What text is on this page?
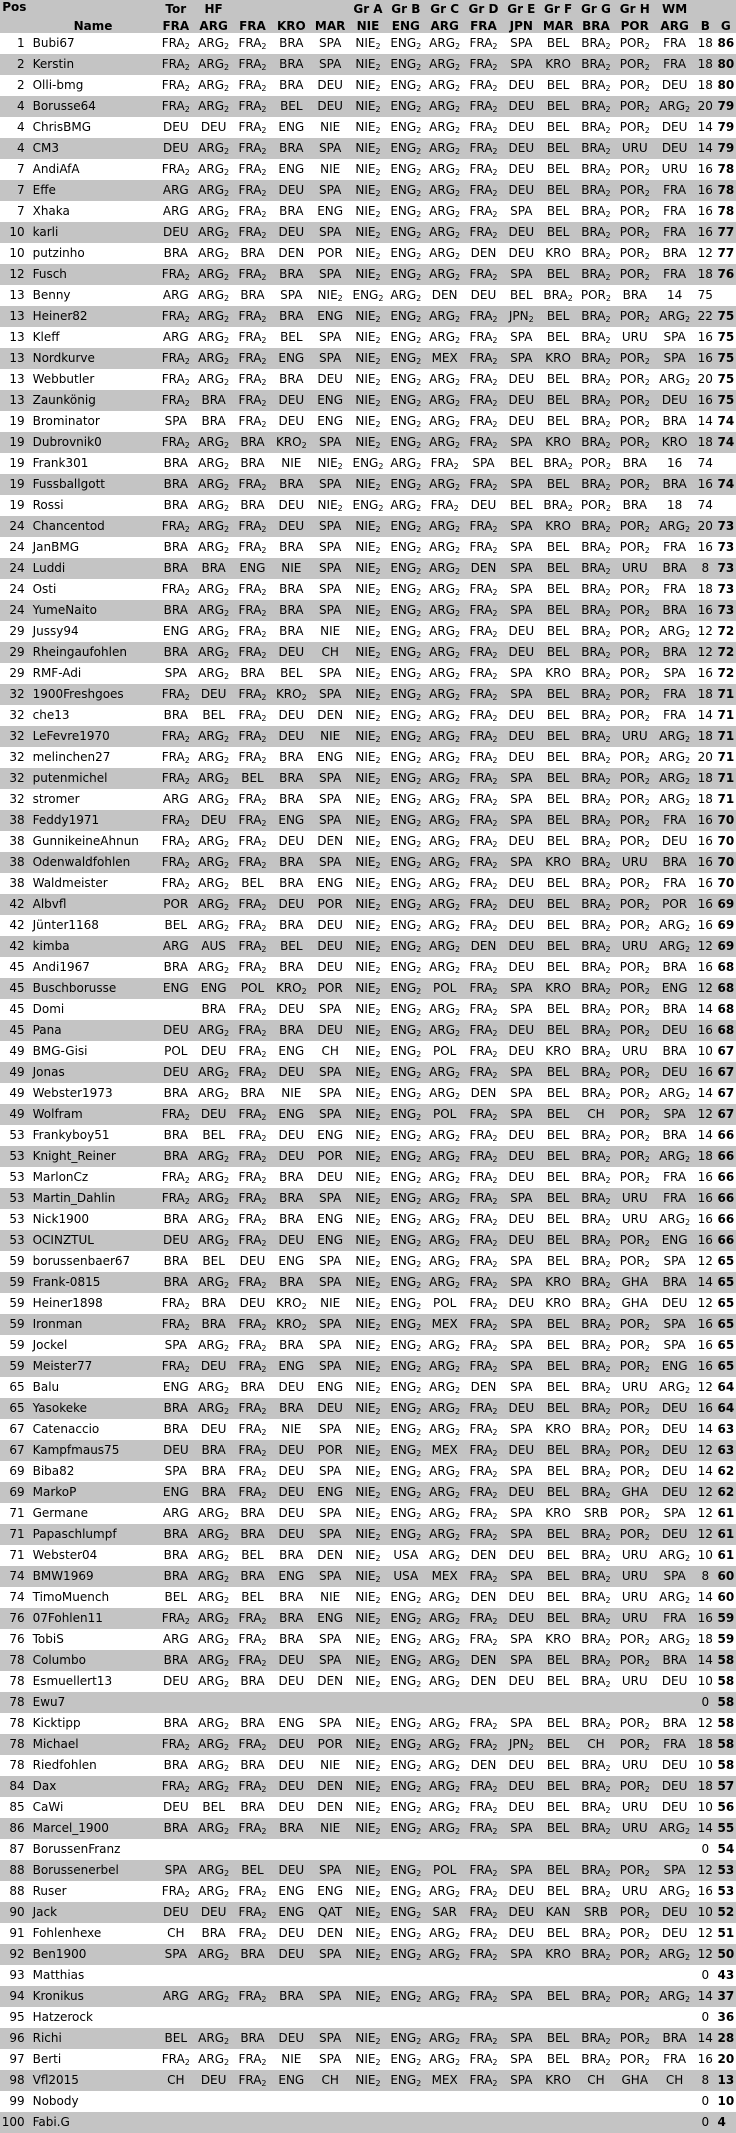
Pos		Tor	HF				Gr A	Gr B	Gr C	Gr D	Gr E	Gr F	Gr G	Gr H	WM		
	Name	FRA	ARG	FRA	KRO	MAR	NIE	ENG	ARG	FRA	JPN	MAR	BRA	POR	ARG	B	G
1	Bubi67	$FRA_2$	$ARG_2$	$FRA_2$	BRA	SPA	$NIE_2$	$ENG_2$	$ARG_2$	$FRA_2$	SPA	BEL	$BRA_2$	$POR_2$	FRA	18	86
2	Kerstin	$FRA_2$	$ARG_2$	$FRA_2$	BRA	SPA	$NIE_2$	$ENG_2$	$ARG_2$	$FRA_2$	SPA	KRO	$BRA_2$	$POR_2$	FRA	18	80
2	Olli-bmg	$FRA_2$	$ARG_2$	$FRA_2$	BRA	DEU	$NIE_2$	$ENG_2$	$ARG_2$	$FRA_2$	DEU	BEL	$BRA_2$	$POR_2$	DEU	18	80
4	Borusse64	$FRA_2$	$ARG_2$	$FRA_2$	BEL	DEU	$NIE_2$	$ENG_2$	$ARG_2$	$FRA_2$	DEU	BEL	$BRA_2$	$POR_2$	$ARG_2$	20	79
4	ChrisBMG	DEU	DEU	$FRA_2$	ENG	NIE	$NIE_2$	$ENG_2$	$ARG_2$	$FRA_2$	DEU	BEL	$BRA_2$	$POR_2$	DEU	14	79
4	CM3	DEU	$ARG_2$	$FRA_2$	BRA	SPA	$NIE_2$	$ENG_2$	$ARG_2$	$FRA_2$	DEU	BEL	$BRA_2$	URU	DEU	14	79
7	AndiAfA	$FRA_2$	$ARG_2$	$FRA_2$	ENG	NIE	$NIE_2$	$ENG_2$	$ARG_2$	$FRA_2$	DEU	BEL	$BRA_2$	$POR_2$	URU	16	78
7	Effe	ARG	$ARG_2$	$FRA_2$	DEU	SPA	$NIE_2$	$ENG_2$	$ARG_2$	$FRA_2$	DEU	BEL	$BRA_2$	$POR_2$	FRA	16	78
7	Xhaka	ARG	$ARG_2$	$FRA_2$	BRA	ENG	$NIE_2$	$ENG_2$	$ARG_2$	$FRA_2$	SPA	BEL	$BRA_2$	$POR_2$	FRA	16	78
10	karli	DEU	$ARG_2$	$FRA_2$	DEU	SPA	$NIE_2$	$ENG_2$	$ARG_2$	$FRA_2$	DEU	BEL	$BRA_2$	$POR_2$	FRA	16	77
10	putzinho	BRA	$ARG_2$	BRA	DEN	POR	$NIE_2$	$ENG_2$	$ARG_2$	DEN	DEU	KRO	$BRA_2$	$POR_2$	BRA	12	77
12	Fusch	$FRA_2$	$ARG_2$	$FRA_2$	BRA	SPA	$NIE_2$	$ENG_2$	$ARG_2$	$FRA_2$	SPA	BEL	$BRA_2$	$POR_2$	FRA	18	76
13	Benny	ARG	$ARG_2$	BRA	SPA	$NIE_2$	$ENG_2$	$ARG_2$	DEN	DEU	BEL	$BRA_2$	$POR_2$	BRA	14	75	
13	Heiner82	$FRA_2$	$ARG_2$	$FRA_2$	BRA	ENG	$NIE_2$	$ENG_2$	$ARG_2$	$FRA_2$	$JPN_2$	BEL	$BRA_2$	$POR_2$	$ARG_2$	22	75
13	Kleff	ARG	$ARG_2$	$FRA_2$	BEL	SPA	$NIE_2$	$ENG_2$	$ARG_2$	$FRA_2$	SPA	BEL	$BRA_2$	URU	SPA	16	75
13	Nordkurve	$FRA_2$	$ARG_2$	$FRA_2$	ENG	SPA	$NIE_2$	$ENG_2$	MEX	$FRA_2$	SPA	KRO	$BRA_2$	$POR_2$	SPA	16	75
13	Webbutler	$FRA_2$	$ARG_2$	$FRA_2$	BRA	DEU	$NIE_2$	$ENG_2$	$ARG_2$	$FRA_2$	DEU	BEL	$BRA_2$	$POR_2$	$ARG_2$	20	75
13	Zaunkönig	$FRA_2$	BRA	$FRA_2$	DEU	ENG	$NIE_2$	$ENG_2$	$ARG_2$	$FRA_2$	DEU	BEL	$BRA_2$	$POR_2$	DEU	16	75
19	Brominator	SPA	BRA	$FRA_2$	DEU	ENG	$NIE_2$	$ENG_2$	$ARG_2$	$FRA_2$	DEU	BEL	$BRA_2$	$POR_2$	BRA	14	74
19	Dubrovnik0	$FRA_2$	$ARG_2$	BRA	$KRO_2$	SPA	$NIE_2$	$ENG_2$	$ARG_2$	$FRA_2$	SPA	KRO	$BRA_2$	$POR_2$	KRO	18	74
19	Frank301	BRA	$ARG_2$	BRA	NIE	$NIE_2$	$ENG_2$	$ARG_2$	$FRA_2$	SPA	BEL	$BRA_2$	$POR_2$	BRA	16	74	
19	Fussballgott	BRA	$ARG_2$	$FRA_2$	BRA	SPA	$NIE_2$	$ENG_2$	$ARG_2$	$FRA_2$	SPA	BEL	$BRA_2$	$POR_2$	BRA	16	74
19	Rossi	BRA	$ARG_2$	BRA	DEU	$NIE_2$	$ENG_2$	$ARG_2$	$FRA_2$	DEU	BEL	$BRA_2$	$POR_2$	BRA	18	74	
24	Chancentod	$FRA_2$	$ARG_2$	$FRA_2$	DEU	SPA	$NIE_2$	$ENG_2$	$ARG_2$	$FRA_2$	SPA	KRO	$BRA_2$	$POR_2$	$ARG_2$	20	73
24	JanBMG	BRA	$ARG_2$	$FRA_2$	BRA	SPA	$NIE_2$	$ENG_2$	$ARG_2$	$FRA_2$	SPA	BEL	$BRA_2$	$POR_2$	FRA	16	73
24	Luddi	BRA	BRA	ENG	NIE	SPA	$NIE_2$	$ENG_2$	$ARG_2$	DEN	SPA	BEL	$BRA_2$	URU	BRA	8	73
24	Osti	$FRA_2$	$ARG_2$	$FRA_2$	BRA	SPA	$NIE_2$	$ENG_2$	$ARG_2$	$FRA_2$	SPA	BEL	$BRA_2$	$POR_2$	FRA	18	73
24	YumeNaito	BRA	$ARG_2$	$FRA_2$	BRA	SPA	$NIE_2$	$ENG_2$	$ARG_2$	$FRA_2$	SPA	BEL	$BRA_2$	$POR_2$	BRA	16	73
29	Jussy94	ENG	$ARG_2$	$FRA_2$	BRA	NIE	$NIE_2$	$ENG_2$	$ARG_2$	$FRA_2$	DEU	BEL	$BRA_2$	$POR_2$	$ARG_2$	12	72
29	Rheingaufohlen	BRA	$ARG_2$	$FRA_2$	DEU	CH	$NIE_2$	$ENG_2$	$ARG_2$	$FRA_2$	DEU	BEL	$BRA_2$	$POR_2$	BRA	12	72
29	RMF-Adi	SPA	$ARG_2$	BRA	BEL	SPA	$NIE_2$	$ENG_2$	$ARG_2$	$FRA_2$	SPA	KRO	$BRA_2$	$POR_2$	SPA	16	72
32	1900Freshgoes	$FRA_2$	DEU	$FRA_2$	$KRO_2$	SPA	$NIE_2$	$ENG_2$	$ARG_2$	$FRA_2$	SPA	BEL	$BRA_2$	$POR_2$	FRA	18	71
32	che13	BRA	BEL	$FRA_2$	DEU	DEN	$NIE_2$	$ENG_2$	$ARG_2$	$FRA_2$	DEU	BEL	$BRA_2$	$POR_2$	FRA	14	71
32	LeFevre1970	$FRA_2$	$ARG_2$	$FRA_2$	DEU	NIE	$NIE_2$	$ENG_2$	$ARG_2$	$FRA_2$	DEU	BEL	$BRA_2$	URU	$ARG_2$	18	71
32	melinchen27	$FRA_2$	$ARG_2$	$FRA_2$	BRA	ENG	$NIE_2$	$ENG_2$	$ARG_2$	$FRA_2$	DEU	BEL	$BRA_2$	$POR_2$	$ARG_2$	20	71
32	putenmichel	$FRA_2$	$ARG_2$	BEL	BRA	SPA	$NIE_2$	$ENG_2$	$ARG_2$	$FRA_2$	SPA	BEL	$BRA_2$	$POR_2$	$ARG_2$	18	71
32	stromer	ARG	$ARG_2$	$FRA_2$	BRA	SPA	$NIE_2$	$ENG_2$	$ARG_2$	$FRA_2$	SPA	BEL	$BRA_2$	$POR_2$	$ARG_2$	18	71
38	Feddy1971	$FRA_2$	DEU	$FRA_2$	ENG	SPA	$NIE_2$	$ENG_2$	$ARG_2$	$FRA_2$	SPA	BEL	$BRA_2$	$POR_2$	FRA	16	70
38	GunnikeineAhnun	$FRA_2$	$ARG_2$	$FRA_2$	DEU	DEN	$NIE_2$	$ENG_2$	$ARG_2$	$FRA_2$	DEU	BEL	$BRA_2$	$POR_2$	DEU	16	70
38	Odenwaldfohlen	$FRA_2$	$ARG_2$	$FRA_2$	BRA	SPA	$NIE_2$	$ENG_2$	$ARG_2$	$FRA_2$	SPA	KRO	$BRA_2$	URU	BRA	16	70
38	Waldmeister	$FRA_2$	$ARG_2$	BEL	BRA	ENG	$NIE_2$	$ENG_2$	$ARG_2$	$FRA_2$	DEU	BEL	$BRA_2$	$POR_2$	FRA	16	70
42	Albvfl	POR	$ARG_2$	$FRA_2$	DEU	POR	$NIE_2$	$ENG_2$	$ARG_2$	$FRA_2$	DEU	BEL	$BRA_2$	$POR_2$	POR	16	69
42	Jünter1168	BEL	$ARG_2$	$FRA_2$	BRA	DEU	$NIE_2$	$ENG_2$	$ARG_2$	$FRA_2$	DEU	BEL	$BRA_2$	$POR_2$	$ARG_2$	16	69
42	kimba	ARG	AUS	$FRA_2$	BEL	DEU	$NIE_2$	$ENG_2$	$ARG_2$	DEN	DEU	BEL	$BRA_2$	URU	$ARG_2$	12	69
45	Andi1967	BRA	$ARG_2$	$FRA_2$	BRA	DEU	$NIE_2$	$ENG_2$	$ARG_2$	$FRA_2$	DEU	BEL	$BRA_2$	$POR_2$	BRA	16	68
45	Buschborusse	ENG	ENG	POL	$KRO_2$	POR	$NIE_2$	$ENG_2$	POL	$FRA_2$	SPA	KRO	$BRA_2$	$POR_2$	ENG	12	68
45	Domi		BRA	$FRA_2$	DEU	SPA	$NIE_2$	$ENG_2$	$ARG_2$	$FRA_2$	SPA	BEL	$BRA_2$	$POR_2$	BRA	14	68
45	Pana	DEU	$ARG_2$	$FRA_2$	BRA	DEU	$NIE_2$	$ENG_2$	$ARG_2$	$FRA_2$	DEU	BEL	$BRA_2$	$POR_2$	DEU	16	68
49	BMG-Gisi	POL	DEU	$FRA_2$	ENG	CH	$NIE_2$	$ENG_2$	POL	$FRA_2$	DEU	KRO	$BRA_2$	URU	BRA	10	67
49	Jonas	DEU	$ARG_2$	$FRA_2$	DEU	SPA	$NIE_2$	$ENG_2$	$ARG_2$	$FRA_2$	SPA	BEL	$BRA_2$	$POR_2$	DEU	16	67
49	Webster1973	BRA	$ARG_2$	BRA	NIE	SPA	$NIE_2$	$ENG_2$	$ARG_2$	DEN	SPA	BEL	$BRA_2$	$POR_2$	$ARG_2$	14	67
49	Wolfram	$FRA_2$	DEU	$FRA_2$	ENG	SPA	$NIE_2$	$ENG_2$	POL	$FRA_2$	SPA	BEL	CH	$POR_2$	SPA	12	67
53	Frankyboy51	BRA	BEL	$FRA_2$	DEU	ENG	$NIE_2$	$ENG_2$	$ARG_2$	$FRA_2$	DEU	BEL	$BRA_2$	$POR_2$	BRA	14	66
53	Knight_Reiner	BRA	$ARG_2$	$FRA_2$	DEU	POR	$NIE_2$	$ENG_2$	$ARG_2$	$FRA_2$	DEU	BEL	$BRA_2$	$POR_2$	$ARG_2$	18	66
53	MarlonCz	$FRA_2$	$ARG_2$	$FRA_2$	BRA	DEU	$NIE_2$	$ENG_2$	$ARG_2$	$FRA_2$	DEU	BEL	$BRA_2$	$POR_2$	FRA	16	66
53	Martin_Dahlin	$FRA_2$	$ARG_2$	$FRA_2$	BRA	SPA	$NIE_2$	$ENG_2$	$ARG_2$	$FRA_2$	SPA	BEL	$BRA_2$	URU	FRA	16	66
53	Nick1900	BRA	$ARG_2$	$FRA_2$	BRA	ENG	$NIE_2$	$ENG_2$	$ARG_2$	$FRA_2$	DEU	BEL	$BRA_2$	URU	$ARG_2$	16	66
53	OCINZTUL	DEU	$ARG_2$	$FRA_2$	DEU	ENG	$NIE_2$	$ENG_2$	$ARG_2$	$FRA_2$	DEU	BEL	$BRA_2$	$POR_2$	ENG	16	66
59	borussenbaer67	BRA	BEL	DEU	ENG	SPA	$NIE_2$	$ENG_2$	$ARG_2$	$FRA_2$	SPA	BEL	$BRA_2$	$POR_2$	SPA	12	65
59	Frank-0815	BRA	$ARG_2$	$FRA_2$	BRA	SPA	$NIE_2$	$ENG_2$	$ARG_2$	$FRA_2$	SPA	KRO	$BRA_2$	GHA	BRA	14	65
59	Heiner1898	$FRA_2$	BRA	DEU	$KRO_2$	NIE	$NIE_2$	$ENG_2$	POL	$FRA_2$	DEU	KRO	$BRA_2$	GHA	DEU	12	65
59	Ironman	$FRA_2$	BRA	$FRA_2$	$KRO_2$	SPA	$NIE_2$	$ENG_2$	MEX	$FRA_2$	SPA	BEL	$BRA_2$	$POR_2$	SPA	16	65
59	Jockel	SPA	$ARG_2$	$FRA_2$	BRA	SPA	$NIE_2$	$ENG_2$	$ARG_2$	$FRA_2$	SPA	BEL	$BRA_2$	$POR_2$	SPA	16	65
59	Meister77	$FRA_2$	DEU	$FRA_2$	ENG	SPA	$NIE_2$	$ENG_2$	$ARG_2$	$FRA_2$	SPA	BEL	$BRA_2$	$POR_2$	ENG	16	65
65	Balu	ENG	$ARG_2$	BRA	DEU	ENG	$NIE_2$	$ENG_2$	$ARG_2$	DEN	SPA	BEL	$BRA_2$	URU	$ARG_2$	12	64
65	Yasokeke	BRA	$ARG_2$	$FRA_2$	BRA	DEU	$NIE_2$	$ENG_2$	$ARG_2$	$FRA_2$	DEU	BEL	$BRA_2$	$POR_2$	DEU	16	64
67	Catenaccio	BRA	DEU	$FRA_2$	NIE	SPA	$NIE_2$	$ENG_2$	$ARG_2$	$FRA_2$	SPA	KRO	$BRA_2$	$POR_2$	DEU	14	63
67	Kampfmaus75	DEU	BRA	$FRA_2$	DEU	POR	$NIE_2$	$ENG_2$	MEX	$FRA_2$	DEU	BEL	$BRA_2$	$POR_2$	DEU	12	63
69	Biba82	SPA	BRA	$FRA_2$	DEU	SPA	$NIE_2$	$ENG_2$	$ARG_2$	$FRA_2$	SPA	BEL	$BRA_2$	$POR_2$	DEU	14	62
69	MarkoP	ENG	BRA	$FRA_2$	DEU	ENG	$NIE_2$	$ENG_2$	$ARG_2$	$FRA_2$	DEU	BEL	$BRA_2$	GHA	DEU	12	62
71	Germane	ARG	$ARG_2$	BRA	DEU	SPA	$NIE_2$	$ENG_2$	$ARG_2$	$FRA_2$	SPA	KRO	SRB	$POR_2$	SPA	12	61
71	Papaschlumpf	BRA	$ARG_2$	BRA	DEU	SPA	$NIE_2$	$ENG_2$	$ARG_2$	$FRA_2$	SPA	BEL	$BRA_2$	$POR_2$	DEU	12	61
71	Webster04	BRA	$ARG_2$	BEL	BRA	DEN	$NIE_2$	USA	$ARG_2$	DEN	DEU	BEL	$BRA_2$	URU	$ARG_2$	10	61
74	BMW1969	BRA	$ARG_2$	BRA	ENG	SPA	$NIE_2$	USA	MEX	$FRA_2$	SPA	BEL	$BRA_2$	URU	SPA	8	60
74	TimoMuench	BEL	$ARG_2$	BEL	BRA	NIE	$NIE_2$	$ENG_2$	$ARG_2$	DEN	DEU	BEL	$BRA_2$	URU	$ARG_2$	14	60
76	07Fohlen11	$FRA_2$	$ARG_2$	$FRA_2$	BRA	ENG	$NIE_2$	$ENG_2$	$ARG_2$	$FRA_2$	DEU	BEL	$BRA_2$	URU	FRA	16	59
76	TobiS	ARG	$ARG_2$	$FRA_2$	BRA	SPA	$NIE_2$	$ENG_2$	$ARG_2$	$FRA_2$	SPA	KRO	$BRA_2$	$POR_2$	$ARG_2$	18	59
78	Columbo	BRA	$ARG_2$	$FRA_2$	DEU	SPA	$NIE_2$	$ENG_2$	$ARG_2$	DEN	SPA	BEL	$BRA_2$	$POR_2$	BRA	14	58
78	Esmuellert13	DEU	$ARG_2$	BRA	DEU	DEN	$NIE_2$	$ENG_2$	$ARG_2$	DEN	DEU	BEL	$BRA_2$	URU	DEU	10	58
78	Ewu7															0	58
78	Kicktipp	BRA	$ARG_2$	BRA	ENG	SPA	$NIE_2$	$ENG_2$	$ARG_2$	$FRA_2$	SPA	BEL	$BRA_2$	$POR_2$	BRA	12	58
78	Michael	$FRA_2$	$ARG_2$	$FRA_2$	DEU	POR	$NIE_2$	$ENG_2$	$ARG_2$	$FRA_2$	$JPN_2$	BEL	CH	$POR_2$	FRA	18	58
78	Riedfohlen	BRA	$ARG_2$	BRA	DEU	NIE	$NIE_2$	$ENG_2$	$ARG_2$	DEN	DEU	BEL	$BRA_2$	URU	DEU	10	58
84	Dax	$FRA_2$	$ARG_2$	$FRA_2$	DEU	DEN	$NIE_2$	$ENG_2$	$ARG_2$	$FRA_2$	DEU	BEL	$BRA_2$	$POR_2$	DEU	18	57
85	CaWi	DEU	BEL	BRA	DEU	DEN	$NIE_2$	$ENG_2$	$ARG_2$	$FRA_2$	DEU	BEL	$BRA_2$	URU	DEU	10	56
86	Marcel_1900	BRA	$ARG_2$	$FRA_2$	BRA	NIE	$NIE_2$	$ENG_2$	$ARG_2$	$FRA_2$	SPA	BEL	$BRA_2$	URU	$ARG_2$	14	55
87	BorussenFranz															0	54
88	Borussenerbel	SPA	$ARG_2$	BEL	DEU	SPA	$NIE_2$	$ENG_2$	POL	$FRA_2$	SPA	BEL	$BRA_2$	$POR_2$	SPA	12	53
88	Ruser	$FRA_2$	$ARG_2$	$FRA_2$	ENG	ENG	$NIE_2$	$ENG_2$	$ARG_2$	$FRA_2$	DEU	BEL	$BRA_2$	URU	$ARG_2$	16	53
90	Jack	DEU	DEU	$FRA_2$	ENG	QAT	$NIE_2$	$ENG_2$	SAR	$FRA_2$	DEU	KAN	SRB	$POR_2$	DEU	10	52
91	Fohlenhexe	CH	BRA	$FRA_2$	DEU	DEN	$NIE_2$	$ENG_2$	$ARG_2$	$FRA_2$	DEU	BEL	$BRA_2$	$POR_2$	DEU	12	51
92	Ben1900	SPA	$ARG_2$	BRA	DEU	SPA	$NIE_2$	$ENG_2$	$ARG_2$	$FRA_2$	SPA	KRO	$BRA_2$	$POR_2$	$ARG_2$	12	50
93	Matthias															0	43
94	Kronikus	ARG	$ARG_2$	$FRA_2$	BRA	SPA	$NIE_2$	$ENG_2$	$ARG_2$	$FRA_2$	SPA	BEL	$BRA_2$	$POR_2$	$ARG_2$	14	37
95	Hatzerock															0	36
96	Richi	BEL	$ARG_2$	BRA	DEU	SPA	$NIE_2$	$ENG_2$	$ARG_2$	$FRA_2$	SPA	BEL	$BRA_2$	$POR_2$	BRA	14	28
97	Berti	$FRA_2$	$ARG_2$	$FRA_2$	NIE	SPA	$NIE_2$	$ENG_2$	$ARG_2$	$FRA_2$	SPA	BEL	$BRA_2$	$POR_2$	FRA	16	20
98	Vfl2015	CH	DEU	$FRA_2$	ENG	CH	$NIE_2$	$ENG_2$	MEX	$FRA_2$	SPA	KRO	CH	GHA	CH	8	13
99	Nobody															0	10
100	Fabi.G															0	4
